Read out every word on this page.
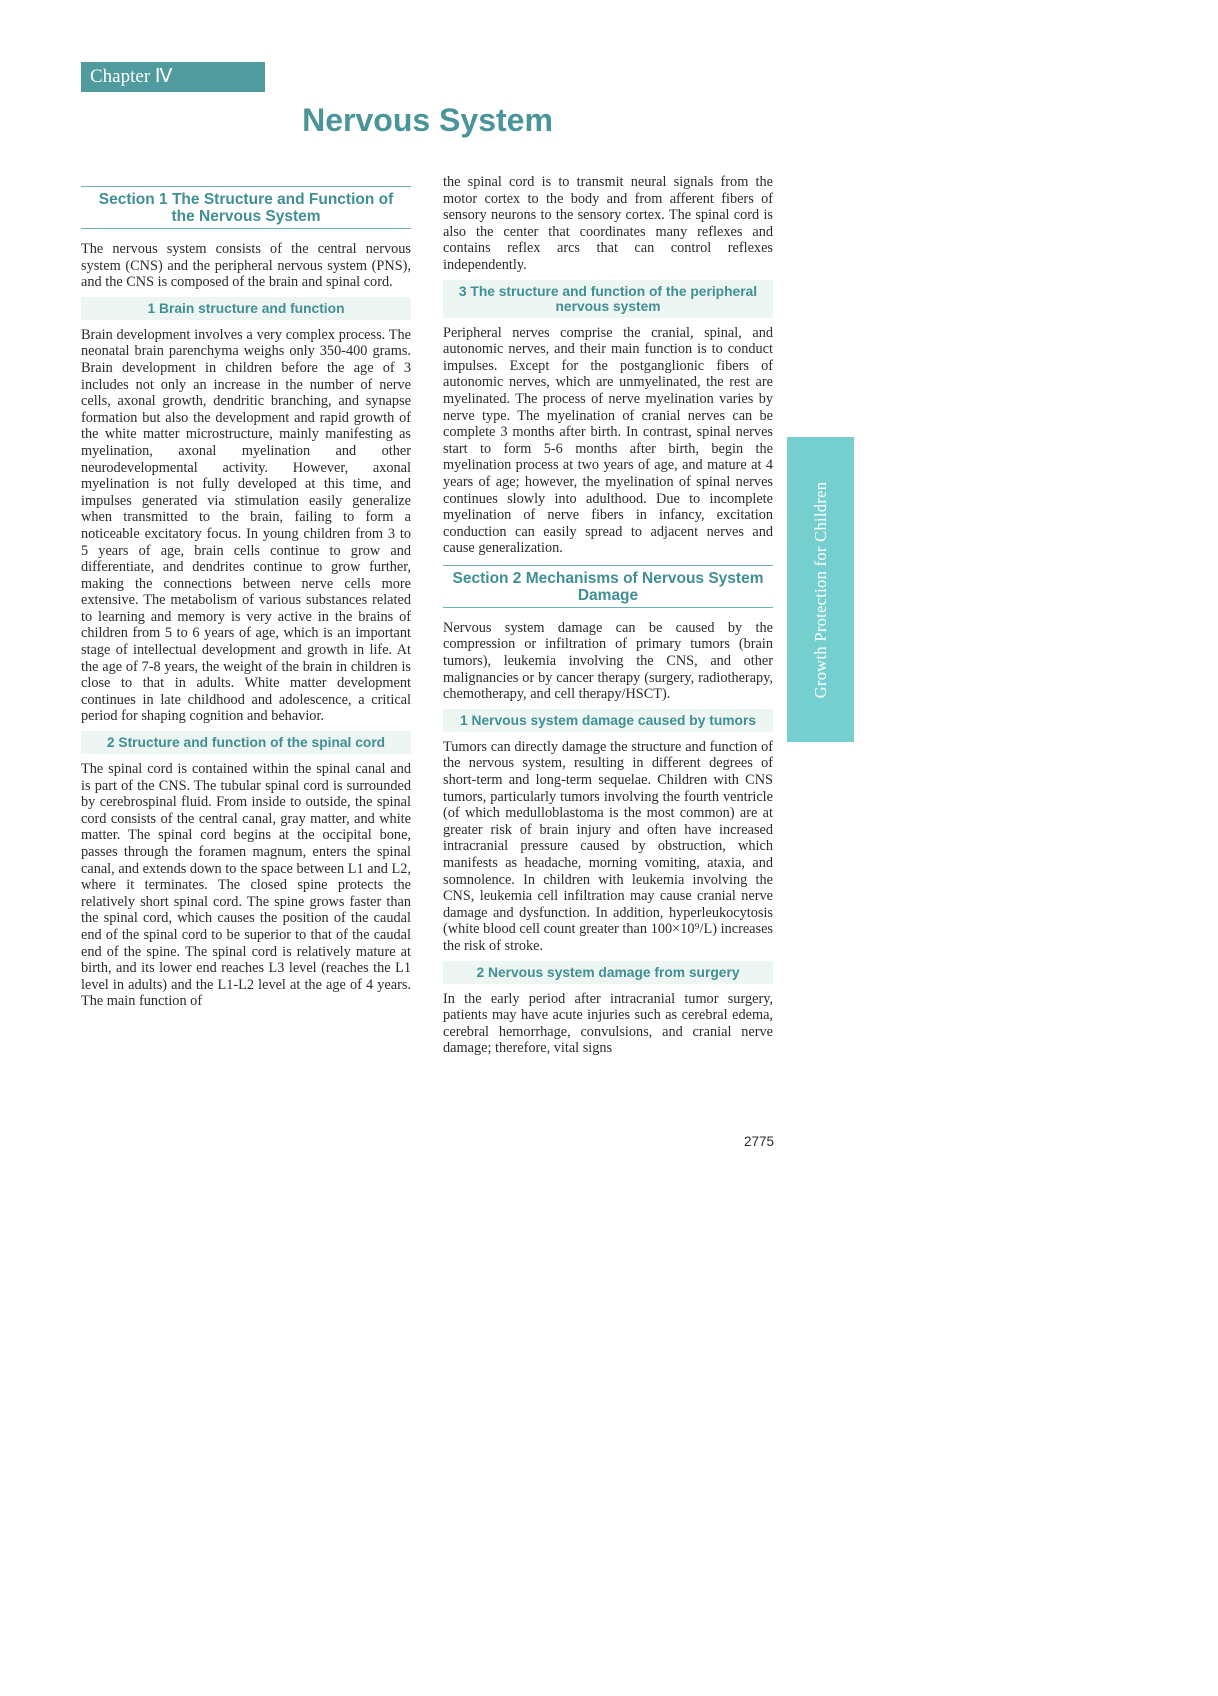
Chapter Ⅳ
Nervous System
Section 1 The Structure and Function of the Nervous System

The nervous system consists of the central nervous system (CNS) and the peripheral nervous system (PNS), and the CNS is composed of the brain and spinal cord.

1 Brain structure and function

Brain development involves a very complex process. The neonatal brain parenchyma weighs only 350-400 grams. Brain development in children before the age of 3 includes not only an increase in the number of nerve cells, axonal growth, dendritic branching, and synapse formation but also the development and rapid growth of the white matter microstructure, mainly manifesting as myelination, axonal myelination and other neurodevelopmental activity. However, axonal myelination is not fully developed at this time, and impulses generated via stimulation easily generalize when transmitted to the brain, failing to form a noticeable excitatory focus. In young children from 3 to 5 years of age, brain cells continue to grow and differentiate, and dendrites continue to grow further, making the connections between nerve cells more extensive. The metabolism of various substances related to learning and memory is very active in the brains of children from 5 to 6 years of age, which is an important stage of intellectual development and growth in life. At the age of 7-8 years, the weight of the brain in children is close to that in adults. White matter development continues in late childhood and adolescence, a critical period for shaping cognition and behavior.

2 Structure and function of the spinal cord

The spinal cord is contained within the spinal canal and is part of the CNS. The tubular spinal cord is surrounded by cerebrospinal fluid. From inside to outside, the spinal cord consists of the central canal, gray matter, and white matter. The spinal cord begins at the occipital bone, passes through the foramen magnum, enters the spinal canal, and extends down to the space between L1 and L2, where it terminates. The closed spine protects the relatively short spinal cord. The spine grows faster than the spinal cord, which causes the position of the caudal end of the spinal cord to be superior to that of the caudal end of the spine. The spinal cord is relatively mature at birth, and its lower end reaches L3 level (reaches the L1 level in adults) and the L1-L2 level at the age of 4 years. The main function of

the spinal cord is to transmit neural signals from the motor cortex to the body and from afferent fibers of sensory neurons to the sensory cortex. The spinal cord is also the center that coordinates many reflexes and contains reflex arcs that can control reflexes independently.

3 The structure and function of the peripheral nervous system

Peripheral nerves comprise the cranial, spinal, and autonomic nerves, and their main function is to conduct impulses. Except for the postganglionic fibers of autonomic nerves, which are unmyelinated, the rest are myelinated. The process of nerve myelination varies by nerve type. The myelination of cranial nerves can be complete 3 months after birth. In contrast, spinal nerves start to form 5-6 months after birth, begin the myelination process at two years of age, and mature at 4 years of age; however, the myelination of spinal nerves continues slowly into adulthood. Due to incomplete myelination of nerve fibers in infancy, excitation conduction can easily spread to adjacent nerves and cause generalization.

Section 2 Mechanisms of Nervous System Damage

Nervous system damage can be caused by the compression or infiltration of primary tumors (brain tumors), leukemia involving the CNS, and other malignancies or by cancer therapy (surgery, radiotherapy, chemotherapy, and cell therapy/HSCT).

1 Nervous system damage caused by tumors

Tumors can directly damage the structure and function of the nervous system, resulting in different degrees of short-term and long-term sequelae. Children with CNS tumors, particularly tumors involving the fourth ventricle (of which medulloblastoma is the most common) are at greater risk of brain injury and often have increased intracranial pressure caused by obstruction, which manifests as headache, morning vomiting, ataxia, and somnolence. In children with leukemia involving the CNS, leukemia cell infiltration may cause cranial nerve damage and dysfunction. In addition, hyperleukocytosis (white blood cell count greater than 100×10⁹/L) increases the risk of stroke.

2 Nervous system damage from surgery

In the early period after intracranial tumor surgery, patients may have acute injuries such as cerebral edema, cerebral hemorrhage, convulsions, and cranial nerve damage; therefore, vital signs

2775
Growth Protection for Children
